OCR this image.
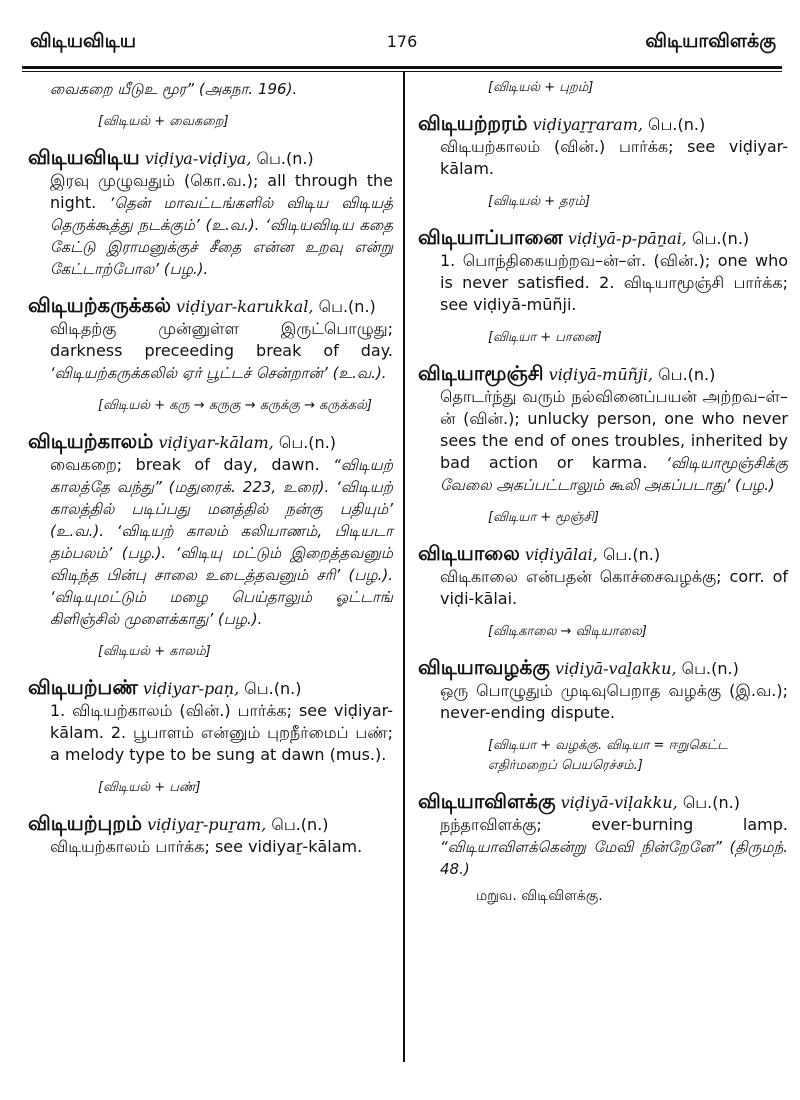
விடியவிடிய	176	விடியாவிளக்கு
வைகறை யீடுஉ மூர” (அகநா. 196).
[விடியல் + வைகறை]
விடியவிடிய viḍiya-viḍiya, பெ.(n.)
இரவு முழுவதும் (கொ.வ.); all through the night. ‘தென் மாவட்டங்களில் விடிய விடியத் தெருக்கூத்து நடக்கும்’ (உ.வ.). ‘விடியவிடிய கதை கேட்டு இராமனுக்குச் சீதை என்ன உறவு என்று கேட்டாற்போல’ (பழ.).
விடியற்கருக்கல் viḍiyar-karukkal, பெ.(n.)
விடிதற்கு முன்னுள்ள இருட்பொழுது; darkness preceeding break of day. ‘விடியற்கருக்கலில் ஏர் பூட்டச் சென்றான்’ (உ.வ.).
[விடியல் + கரு → கருகு → கருக்கு → கருக்கல்]
விடியற்காலம் viḍiyar-kālam, பெ.(n.)
வைகறை; break of day, dawn. “விடியற் காலத்தே வந்து” (மதுரைக். 223, உரை). ‘விடியற் காலத்தில் படிப்பது மனத்தில் நன்கு பதியும்’ (உ.வ.). ‘விடியற் காலம் கலியாணம், பிடியடா தம்பலம்’ (பழ.). ‘விடியு மட்டும் இறைத்தவனும் விடிந்த பின்பு சாலை உடைத்தவனும் சரி’ (பழ.). ‘விடியுமட்டும் மழை பெய்தாலும் ஓட்டாங் கிளிஞ்சில் முளைக்காது’ (பழ.).
[விடியல் + காலம்]
விடியற்பண் viḍiyar-paṇ, பெ.(n.)
1. விடியற்காலம் (வின்.) பார்க்க; see viḍiyar-kālam. 2. பூபாளம் என்னும் புறநீர்மைப் பண்; a melody type to be sung at dawn (mus.).
[விடியல் + பண்]
விடியற்புறம் viḍiyaṟ-puṟam, பெ.(n.)
விடியற்காலம் பார்க்க; see vidiyaṟ-kālam.
[விடியல் + புறம்]
விடியற்றரம் viḍiyaṟṟaram, பெ.(n.)
விடியற்காலம் (வின்.) பார்க்க; see viḍiyar-kālam.
[விடியல் + தரம்]
விடியாப்பானை viḍiyā-p-pāṉai, பெ.(n.)
1. பொந்திகையற்றவ–ன்–ள். (வின்.); one who is never satisfied. 2. விடியாமூஞ்சி பார்க்க; see viḍiyā-mūñji.
[விடியா + பானை]
விடியாமூஞ்சி viḍiyā-mūñji, பெ.(n.)
தொடர்ந்து வரும் நல்வினைப்பயன் அற்றவ–ள்–ன் (வின்.); unlucky person, one who never sees the end of ones troubles, inherited by bad action or karma. ‘விடியாமூஞ்சிக்கு வேலை அகப்பட்டாலும் கூலி அகப்படாது’ (பழ.)
[விடியா + மூஞ்சி]
விடியாலை viḍiyālai, பெ.(n.)
விடிகாலை என்பதன் கொச்சைவழக்கு; corr. of viḍi-kālai.
[விடிகாலை → விடியாலை]
விடியாவழக்கு viḍiyā-vaḻakku, பெ.(n.)
ஒரு பொழுதும் முடிவுபெறாத வழக்கு (இ.வ.); never-ending dispute.
[விடியா + வழக்கு. விடியா = ஈறுகெட்ட எதிர்மறைப் பெயரெச்சம்.]
விடியாவிளக்கு viḍiyā-viḷakku, பெ.(n.)
நந்தாவிளக்கு; ever-burning lamp. “விடியாவிளக்கென்று மேவி நின்றேனே” (திருமந். 48.)
மறுவ. விடிவிளக்கு.
